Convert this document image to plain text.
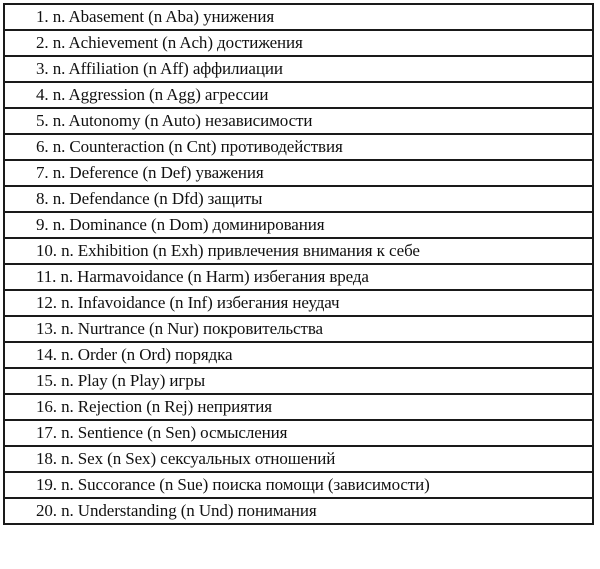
1. n. Abasement (n Aba) унижения
2. n. Achievement (n Ach) достижения
3. n. Affiliation (n Aff) аффилиации
4. n. Aggression (n Agg) агрессии
5. n. Autonomy (n Auto) независимости
6. n. Counteraction (n Cnt) противодействия
7. n. Deference (n Def) уважения
8. n. Defendance (n Dfd) защиты
9. n. Dominance (n Dom) доминирования
10. n. Exhibition (n Exh) привлечения внимания к себе
11. n. Harmavoidance (n Harm) избегания вреда
12. n. Infavoidance (n Inf) избегания неудач
13. n. Nurtrance (n Nur) покровительства
14. n. Order (n Ord) порядка
15. n. Play (n Play) игры
16. n. Rejection (n Rej) неприятия
17. n. Sentience (n Sen) осмысления
18. n. Sex (n Sex) сексуальных отношений
19. n. Succorance (n Sue) поиска помощи (зависимости)
20. n. Understanding (n Und) понимания
